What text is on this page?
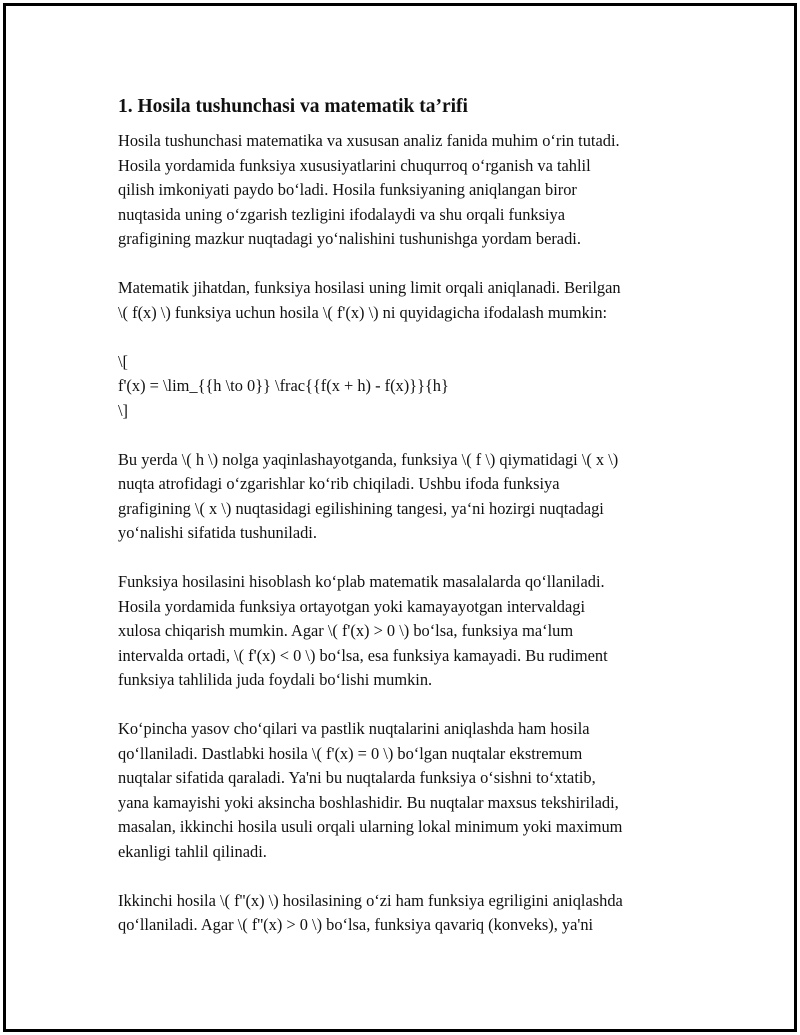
1. Hosila tushunchasi va matematik ta’rifi

Hosila tushunchasi matematika va xususan analiz fanida muhim o‘rin tutadi.
Hosila yordamida funksiya xususiyatlarini chuqurroq o‘rganish va tahlil
qilish imkoniyati paydo bo‘ladi. Hosila funksiyaning aniqlangan biror
nuqtasida uning o‘zgarish tezligini ifodalaydi va shu orqali funksiya
grafigining mazkur nuqtadagi yo‘nalishini tushunishga yordam beradi.

Matematik jihatdan, funksiya hosilasi uning limit orqali aniqlanadi. Berilgan
\( f(x) \) funksiya uchun hosila \( f'(x) \) ni quyidagicha ifodalash mumkin:

\[
f'(x) = \lim_{{h \to 0}} \frac{{f(x + h) - f(x)}}{h}
\]

Bu yerda \( h \) nolga yaqinlashayotganda, funksiya \( f \) qiymatidagi \( x \)
nuqta atrofidagi o‘zgarishlar ko‘rib chiqiladi. Ushbu ifoda funksiya
grafigining \( x \) nuqtasidagi egilishining tangesi, ya‘ni hozirgi nuqtadagi
yo‘nalishi sifatida tushuniladi.

Funksiya hosilasini hisoblash ko‘plab matematik masalalarda qo‘llaniladi.
Hosila yordamida funksiya ortayotgan yoki kamayayotgan intervaldagi
xulosa chiqarish mumkin. Agar \( f'(x) > 0 \) bo‘lsa, funksiya ma‘lum
intervalda ortadi, \( f'(x) < 0 \) bo‘lsa, esa funksiya kamayadi. Bu rudiment
funksiya tahlilida juda foydali bo‘lishi mumkin.

Ko‘pincha yasov cho‘qilari va pastlik nuqtalarini aniqlashda ham hosila
qo‘llaniladi. Dastlabki hosila \( f'(x) = 0 \) bo‘lgan nuqtalar ekstremum
nuqtalar sifatida qaraladi. Ya'ni bu nuqtalarda funksiya o‘sishni to‘xtatib,
yana kamayishi yoki aksincha boshlashidir. Bu nuqtalar maxsus tekshiriladi,
masalan, ikkinchi hosila usuli orqali ularning lokal minimum yoki maximum
ekanligi tahlil qilinadi.

Ikkinchi hosila \( f''(x) \) hosilasining o‘zi ham funksiya egriligini aniqlashda
qo‘llaniladi. Agar \( f''(x) > 0 \) bo‘lsa, funksiya qavariq (konveks), ya'ni
